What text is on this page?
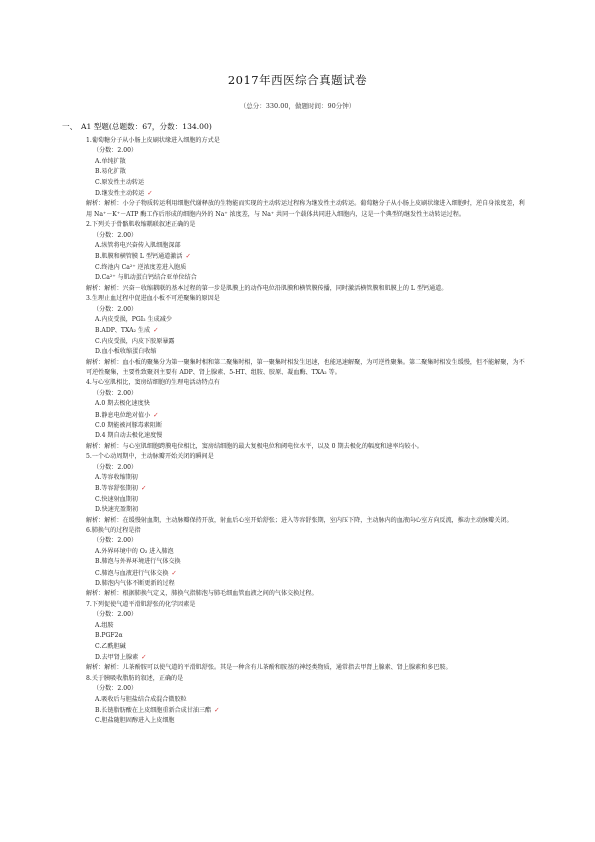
2017年西医综合真题试卷
（总分：330.00，做题时间：90分钟）
一、　A1 型题(总题数：67，分数：134.00)

1.葡萄糖分子从小肠上皮刷状缘进入细胞的方式是

（分数：2.00）

A.单纯扩散

B.易化扩散

C.原发性主动转运

D.继发性主动转运 ✓

解析：解析：小分子物质转运利用细胞代谢释放的生物能而实现的主动转运过程称为继发性主动转运。葡萄糖分子从小肠上皮刷状缘进入细胞时，逆自身浓度差，利用 Na⁺－K⁺－ATP 酶工作后形成的细胞内外的 Na⁺ 浓度差，与 Na⁺ 共同一个载体共同进入细胞内，这是一个典型的继发性主动转运过程。

2.下列关于骨骼肌收缩耦联叙述正确的是

（分数：2.00）

A.纵管将电兴奋传入肌细胞深部

B.肌膜和横管膜 L 型钙通道激活 ✓

C.终池内 Ca²⁺ 逆浓度差进入胞质

D.Ca²⁺ 与肌动蛋白钙结合亚单位结合

解析：解析：兴奋－收缩耦联的基本过程的第一步是肌膜上的动作电位沿肌膜和横管膜传播，同时激活横管膜和肌膜上的 L 型钙通道。

3.生理止血过程中促进血小板不可逆聚集的原因是

（分数：2.00）

A.内皮受损，PGI₂ 生成减少

B.ADP、TXA₂ 生成 ✓

C.内皮受损，内皮下胶原暴露

D.血小板收缩蛋白收缩

解析：解析：血小板的聚集分为第一聚集时相和第二聚集时相，第一聚集时相发生迅速，也能迅速解聚，为可逆性聚集。第二聚集时相发生缓慢，但不能解聚，为不可逆性聚集，主要性致聚剂主要有 ADP、肾上腺素、5-HT、组胺、胶原、凝血酶、TXA₂ 等。

4.与心室肌相比，窦房结细胞的生理电活动特点有

（分数：2.00）

A.0 期去极化速度快

B.静息电位绝对值小 ✓

C.0 期能被河豚毒素阻断

D.4 期自动去极化速度慢

解析：解析：与心室肌细胞跨膜电位相比，窦房结细胞的最大复极电位和阈电位水平，以及 0 期去极化的幅度和速率均较小。

5.一个心动周期中，主动脉瓣开始关闭的瞬间是

（分数：2.00）

A.等容收缩期初

B.等容舒张期初 ✓

C.快速射血期初

D.快速充盈期初

解析：解析：在缓慢射血期，主动脉瓣保持开放，射血后心室开始舒张；进入等容舒张期，室内压下降，主动脉内的血液向心室方向反流，推动主动脉瓣关闭。

6.肺换气的过程是指

（分数：2.00）

A.外界环境中的 O₂ 进入肺泡

B.肺泡与外界环境进行气体交换

C.肺泡与血液进行气体交换 ✓

D.肺泡内气体不断更新的过程

解析：解析：根据肺换气定义，肺换气指肺泡与肺毛细血管血液之间的气体交换过程。

7.下列促使气道平滑肌舒张的化学因素是

（分数：2.00）

A.组胺

B.PGF2α

C.乙酰胆碱

D.去甲肾上腺素 ✓

解析：解析：儿茶酚胺可以使气道的平滑肌舒张。其是一种含有儿茶酚和胺基的神经类物质，通常指去甲肾上腺素、肾上腺素和多巴胺。

8.关于胰吸收脂肪的叙述，正确的是

（分数：2.00）

A.吸收后与胆盐结合成混合微胶粒

B.长链脂肪酸在上皮细胞重新合成甘油三酯 ✓

C.胆盐随胆固醇进入上皮细胞
